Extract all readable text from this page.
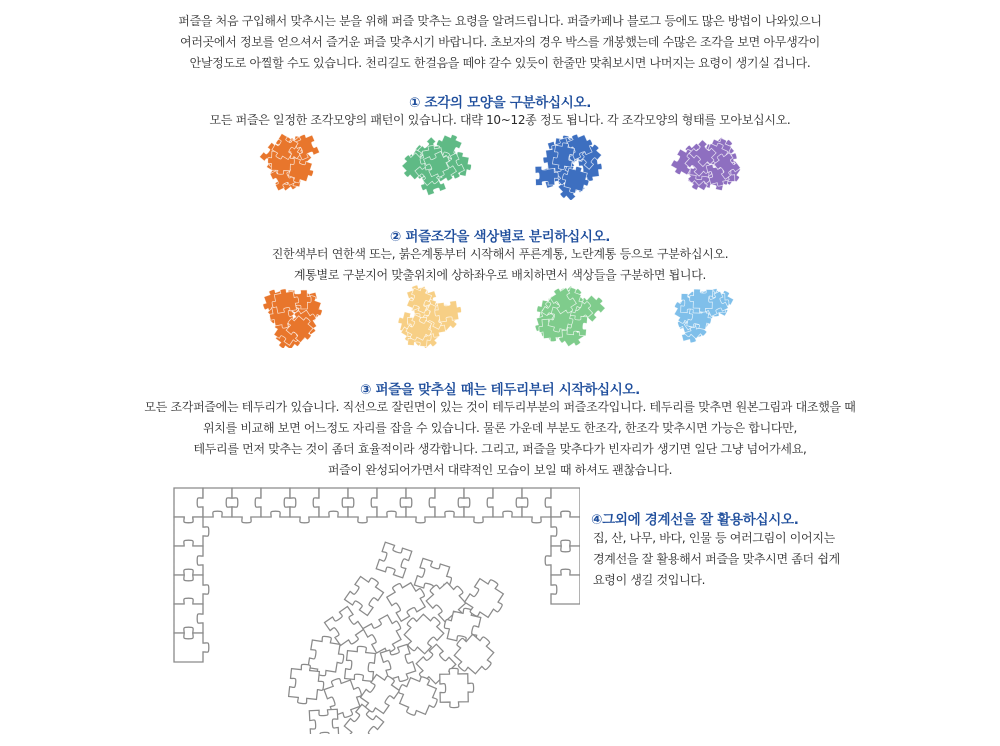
퍼즐을 처음 구입해서 맞추시는 분을 위해 퍼즐 맞추는 요령을 알려드립니다. 퍼즐카페나 블로그 등에도 많은 방법이 나와있으니
여러곳에서 정보를 얻으셔서 즐거운 퍼즐 맞추시기 바랍니다. 초보자의 경우 박스를 개봉했는데 수많은 조각을 보면 아무생각이
안날정도로 아찔할 수도 있습니다. 천리길도 한걸음을 떼야 갈수 있듯이 한줄만 맞춰보시면 나머지는 요령이 생기실 겁니다.
① 조각의 모양을 구분하십시오.
모든 퍼즐은 일정한 조각모양의 패턴이 있습니다. 대략 10~12종 정도 됩니다. 각 조각모양의 형태를 모아보십시오.
② 퍼즐조각을 색상별로 분리하십시오.
진한색부터 연한색 또는, 붉은계통부터 시작해서 푸른계통, 노란계통 등으로 구분하십시오.
계통별로 구분지어 맞출위치에 상하좌우로 배치하면서 색상들을 구분하면 됩니다.
③ 퍼즐을 맞추실 때는 테두리부터 시작하십시오.
모든 조각퍼즐에는 테두리가 있습니다. 직선으로 잘린면이 있는 것이 테두리부분의 퍼즐조각입니다. 테두리를 맞추면 원본그림과 대조했을 때
위치를 비교해 보면 어느정도 자리를 잡을 수 있습니다. 물론 가운데 부분도 한조각, 한조각 맞추시면 가능은 합니다만,
테두리를 먼저 맞추는 것이 좀더 효율적이라 생각합니다. 그리고, 퍼즐을 맞추다가 빈자리가 생기면 일단 그냥 넘어가세요,
퍼즐이 완성되어가면서 대략적인 모습이 보일 때 하셔도 괜찮습니다.
④그외에 경계선을 잘 활용하십시오.
집, 산, 나무, 바다, 인물 등 여러그림이 이어지는
경계선을 잘 활용해서 퍼즐을 맞추시면 좀더 쉽게
요령이 생길 것입니다.
